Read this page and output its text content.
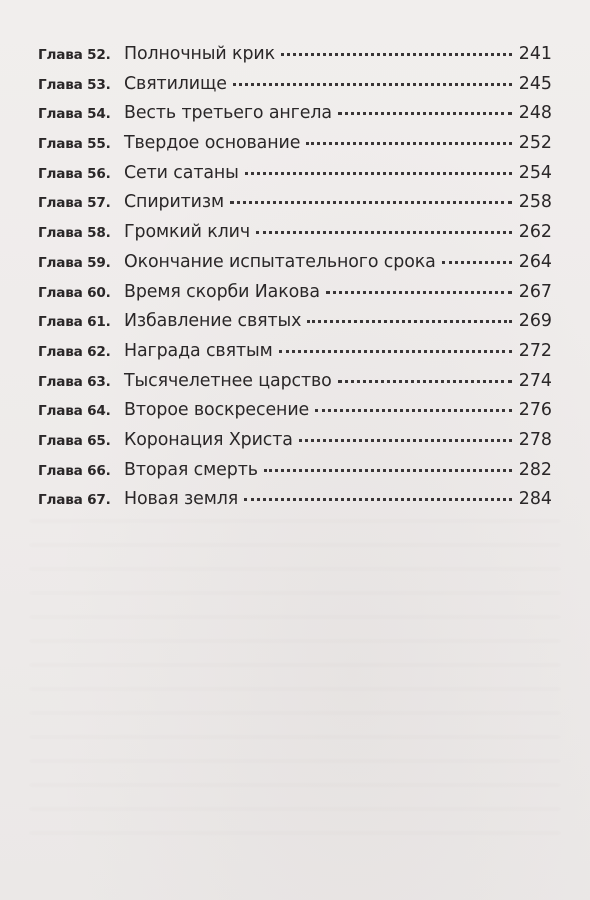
Глава 52. Полночный крик	241
Глава 53. Святилище	245
Глава 54. Весть третьего ангела	248
Глава 55. Твердое основание	252
Глава 56. Сети сатаны	254
Глава 57. Спиритизм	258
Глава 58. Громкий клич	262
Глава 59. Окончание испытательного срока	264
Глава 60. Время скорби Иакова	267
Глава 61. Избавление святых	269
Глава 62. Награда святым	272
Глава 63. Тысячелетнее царство	274
Глава 64. Второе воскресение	276
Глава 65. Коронация Христа	278
Глава 66. Вторая смерть	282
Глава 67. Новая земля	284
